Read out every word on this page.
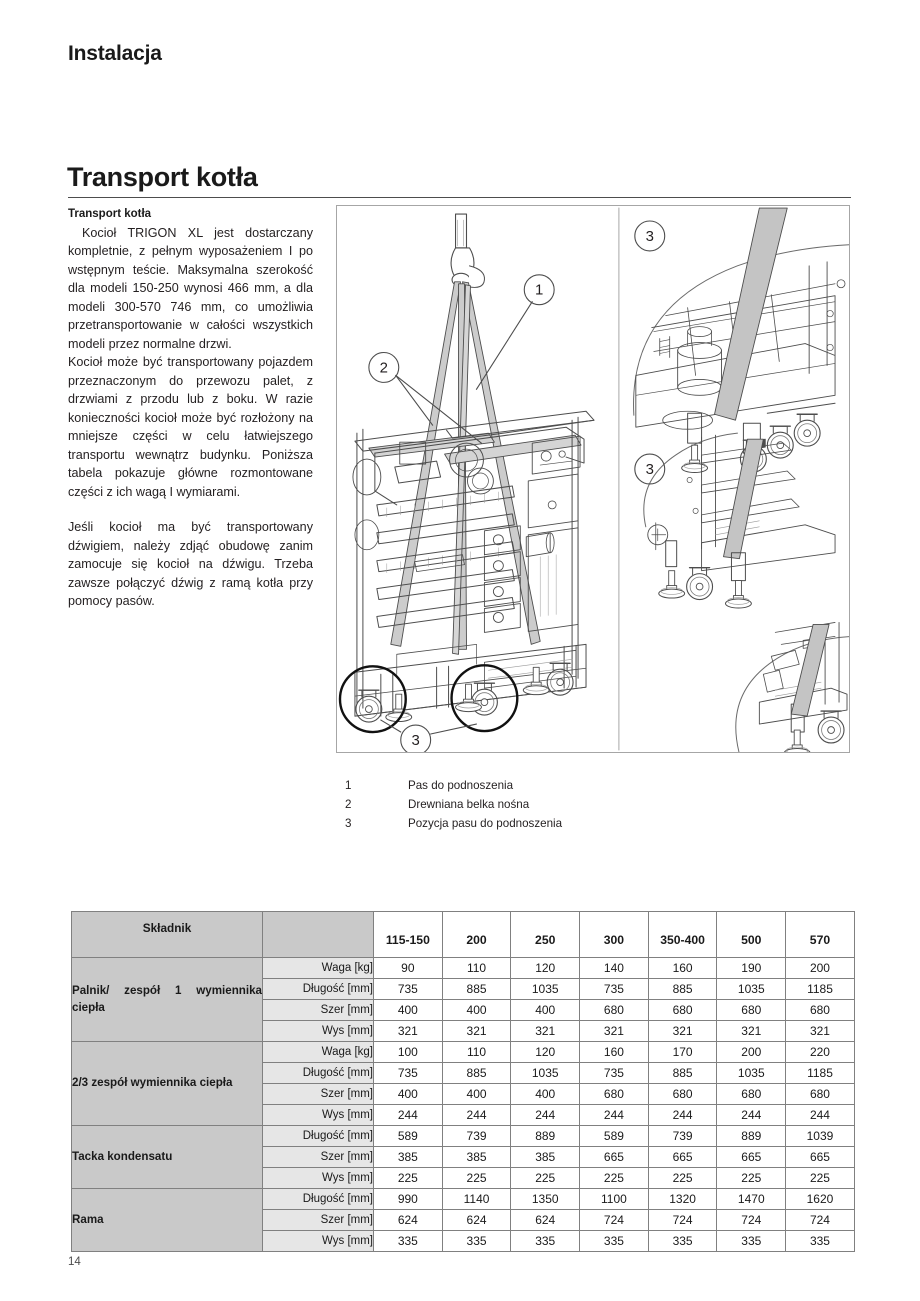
Instalacja
Transport kotła

Transport kotła

Kocioł TRIGON XL jest dostarczany kompletnie, z pełnym wyposażeniem I po wstępnym teście. Maksymalna szerokość dla modeli 150-250 wynosi 466 mm, a dla modeli 300-570 746 mm, co umożliwia przetransportowanie w całości wszystkich modeli przez normalne drzwi.

Kocioł może być transportowany pojazdem przeznaczonym do przewozu palet, z drzwiami z przodu lub z boku. W razie konieczności kocioł może być rozłożony na mniejsze części w celu łatwiejszego transportu wewnątrz budynku. Poniższa tabela pokazuje główne rozmontowane części z ich wagą I wymiarami.

Jeśli kocioł ma być transportowany dźwigiem, należy zdjąć obudowę zanim zamocuje się kocioł na dźwigu. Trzeba zawsze połączyć dźwig z ramą kotła przy pomocy pasów.

1
2
3
3
3
1	Pas do podnoszenia
2	Drewniana belka nośna
3	Pozycja pasu do podnoszenia
Składnik		115-150	200	250	300	350-400	500	570

Palnik/ zespół 1 wymiennika ciepła	Waga [kg]	90	110	120	140	160	190	200
	Długość [mm]	735	885	1035	735	885	1035	1185
	Szer [mm]	400	400	400	680	680	680	680
	Wys [mm]	321	321	321	321	321	321	321

2/3 zespół wymiennika ciepła	Waga [kg]	100	110	120	160	170	200	220
	Długość [mm]	735	885	1035	735	885	1035	1185
	Szer [mm]	400	400	400	680	680	680	680
	Wys [mm]	244	244	244	244	244	244	244

Tacka kondensatu	Długość [mm]	589	739	889	589	739	889	1039
	Szer [mm]	385	385	385	665	665	665	665
	Wys [mm]	225	225	225	225	225	225	225

Rama	Długość [mm]	990	1140	1350	1100	1320	1470	1620
	Szer [mm]	624	624	624	724	724	724	724
	Wys [mm]	335	335	335	335	335	335	335
14
